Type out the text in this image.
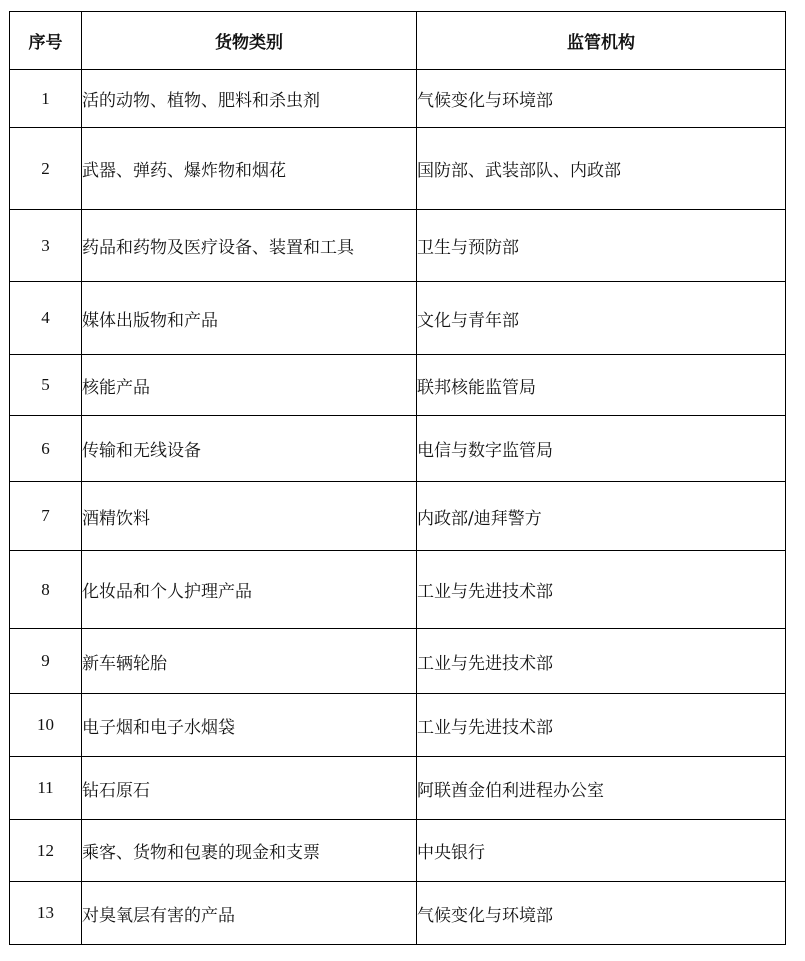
序号	货物类别	监管机构
1	活的动物、植物、肥料和杀虫剂	气候变化与环境部
2	武器、弹药、爆炸物和烟花	国防部、武装部队、内政部
3	药品和药物及医疗设备、装置和工具	卫生与预防部
4	媒体出版物和产品	文化与青年部
5	核能产品	联邦核能监管局
6	传输和无线设备	电信与数字监管局
7	酒精饮料	内政部/迪拜警方
8	化妆品和个人护理产品	工业与先进技术部
9	新车辆轮胎	工业与先进技术部
10	电子烟和电子水烟袋	工业与先进技术部
11	钻石原石	阿联酋金伯利进程办公室
12	乘客、货物和包裹的现金和支票	中央银行
13	对臭氧层有害的产品	气候变化与环境部
